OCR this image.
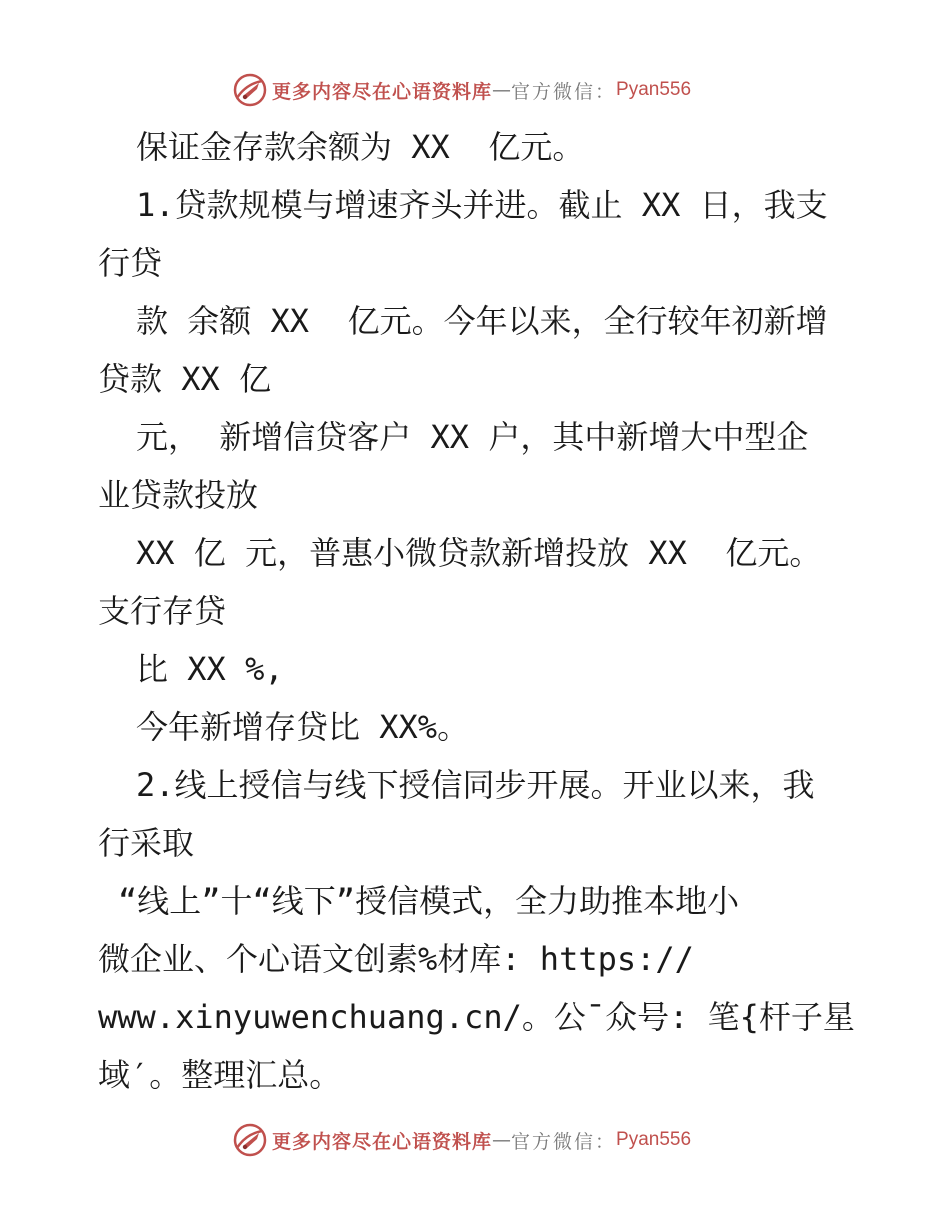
更多内容尽在心语资料库 — 官方微信： Pyan556
保证金存款余额为 XX  亿元。
1.贷款规模与增速齐头并进。截止 XX 日，我支
行贷
款 余额 XX  亿元。今年以来，全行较年初新增
贷款 XX 亿
元， 新增信贷客户 XX 户，其中新增大中型企
业贷款投放
XX 亿 元，普惠小微贷款新增投放 XX  亿元。
支行存贷
比 XX %,
今年新增存贷比 XX%。
2.线上授信与线下授信同步开展。开业以来，我
行采取
“线上”十“线下”授信模式，全力助推本地小
微企业、个心语文创素%材库: https://
www.xinyuwenchuang.cn/。公¯众号: 笔{杆子星
域′。整理汇总。
更多内容尽在心语资料库 — 官方微信： Pyan556
